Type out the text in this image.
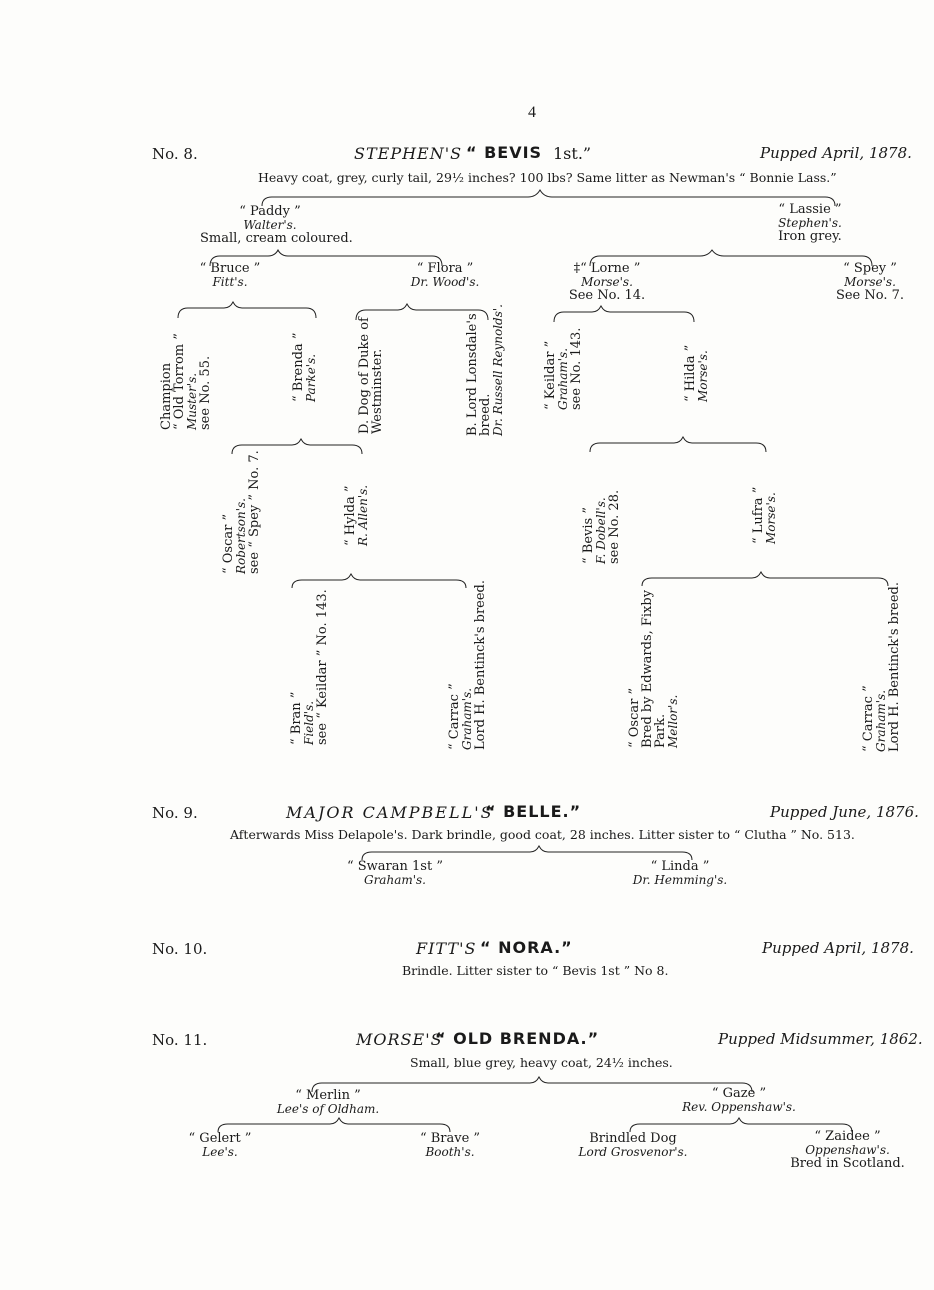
4
No. 8.	STEPHEN'S “ BEVIS 1st.”	Pupped April, 1878.
Heavy coat, grey, curly tail, 29½ inches? 100 lbs? Same litter as Newman's “ Bonnie Lass.”
“ Paddy ”
Walter's.
Small, cream coloured.
“ Lassie ”
Stephen's.
Iron grey.
“ Bruce ”
Fitt's.
“ Flora ”
Dr. Wood's.
‡“ Lorne ”
Morse's.
See No. 14.
“ Spey ”
Morse's.
See No. 7.
Champion
“ Old Torrom ”
Muster's. see No. 55.	“ Brenda ”
Parke's.	D. Dog of Duke of
Westminster.	B. Lord Lonsdale's
breed.
Dr. Russell Reynolds'.	“ Keildar ”
Graham's. see No. 143.	“ Hilda ”
Morse's.
“ Oscar ”
Robertson's. see “ Spey ” No. 7.	“ Hylda ”
R. Allen's.	“ Bevis ”
F. Dobell's. see No. 28.	“ Lufra ”
Morse's.
“ Bran ”
Field's. see “ Keildar ” No. 143.	“ Carrac ”
Graham's. Lord H. Bentinck's breed.	“ Oscar ”
Bred by Edwards, Fixby
Park.
Mellor's.	“ Carrac ”
Graham's. Lord H. Bentinck's breed.
No. 9.	MAJOR CAMPBELL'S
“ BELLE.”	Pupped June, 1876.
Afterwards Miss Delapole's. Dark brindle, good coat, 28 inches. Litter sister to “ Clutha ” No. 513.
“ Swaran 1st ”
Graham's.
“ Linda ”
Dr. Hemming's.
No. 10.	FITT'S “ NORA.”	Pupped April, 1878.
Brindle. Litter sister to “ Bevis 1st ” No 8.
No. 11.	MORSE'S
“ OLD BRENDA.”	Pupped Midsummer, 1862.
Small, blue grey, heavy coat, 24½ inches.
“ Merlin ”
Lee's of Oldham.
“ Gaze ”
Rev. Oppenshaw's.
“ Gelert ”
Lee's.
“ Brave ”
Booth's.
Brindled Dog
Lord Grosvenor's.
“ Zaidee ”
Oppenshaw's.
Bred in Scotland.
